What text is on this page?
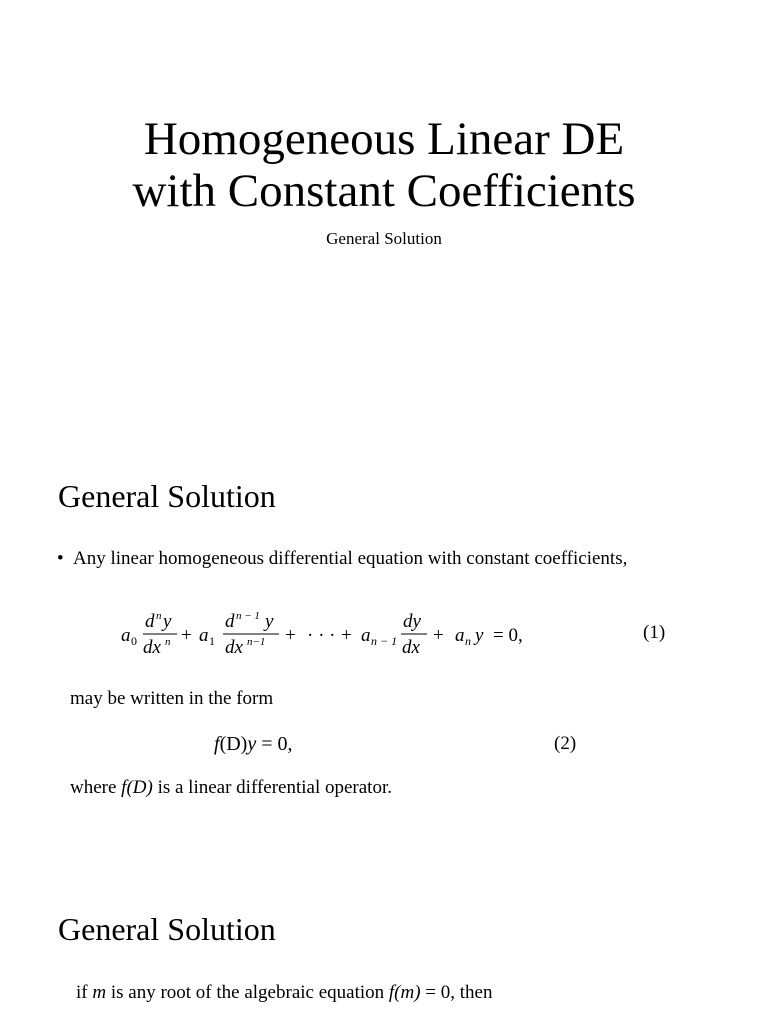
Homogeneous Linear DE
with Constant Coefficients
General Solution
General Solution
• Any linear homogeneous differential equation with constant coefficients,
a 0
d n y
dx n + a 1
d n − 1 y
dx n−1 + · · · + a n − 1
dy
dx
+ a n y = 0,	(1)
may be written in the form
f(D)y = 0,	(2)
where f(D) is a linear differential operator.
General Solution
if m is any root of the algebraic equation f(m) = 0, then
